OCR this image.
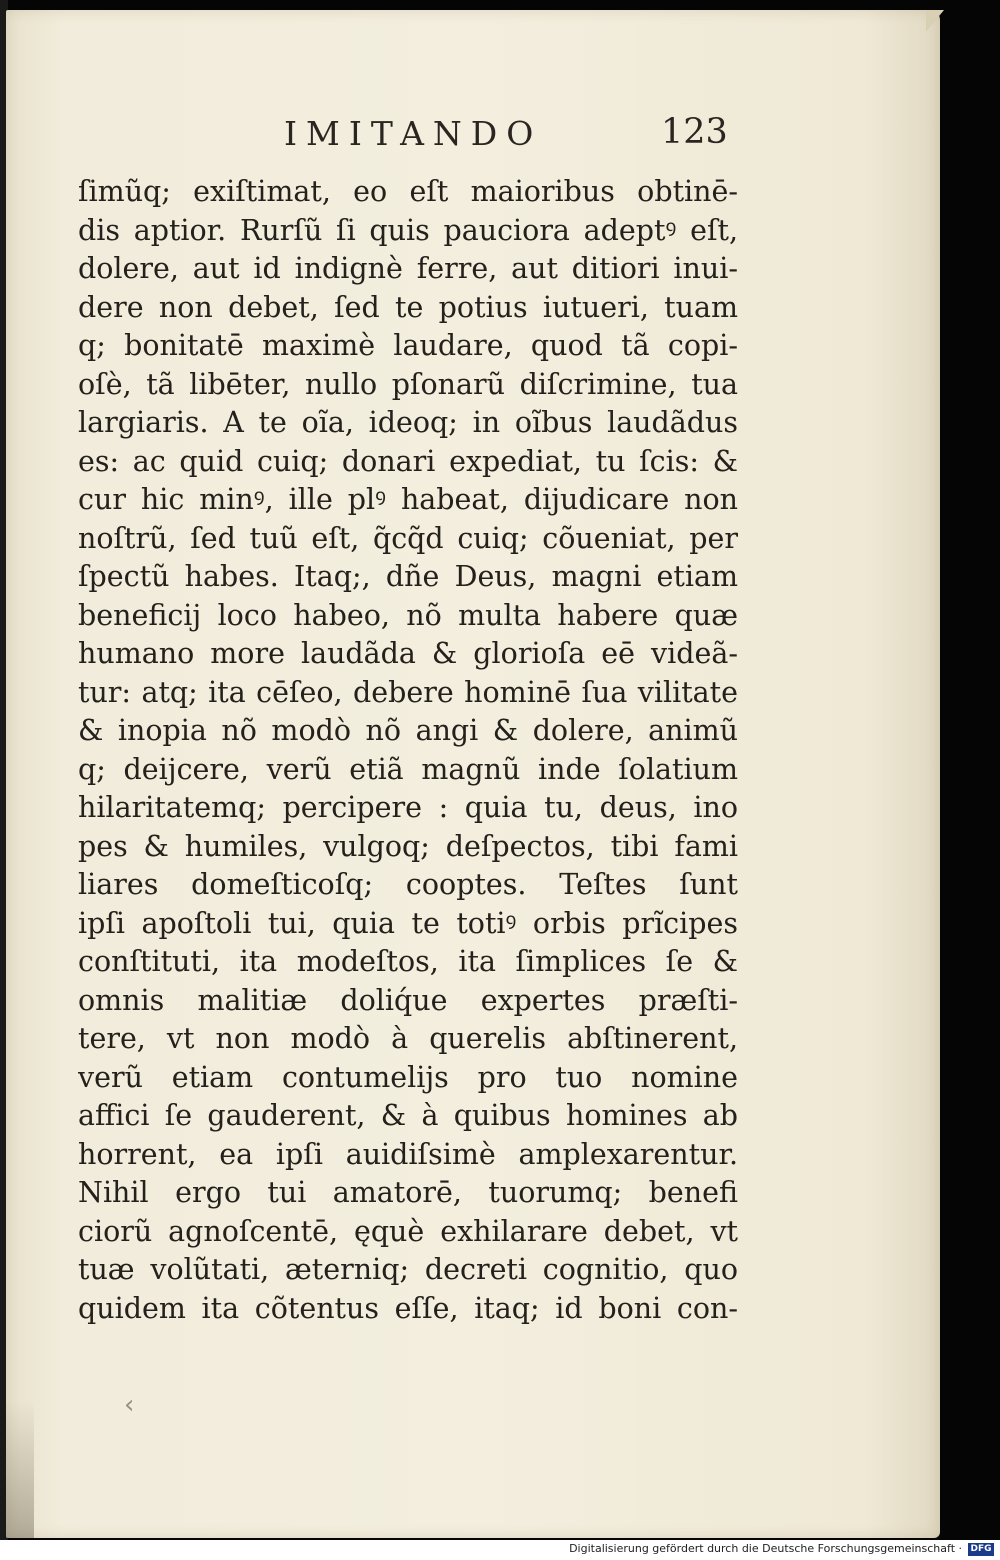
IMITANDO	123
ſimũq; exiſtimat, eo eſt maioribus obtinē-
dis aptior. Rurſũ ſi quis pauciora adeptꝰ eſt,
dolere, aut id indignè ferre, aut ditiori inui-
dere non debet, ſed te potius iutueri, tuam
q; bonitatē maximè laudare, quod tã copi-
oſè, tã libēter, nullo pſonarũ diſcrimine, tua
largiaris. A te oĩa, ideoq; in oĩbus laudãdus
es: ac quid cuiq; donari expediat, tu ſcis: &
cur hic minꝰ, ille plꝰ habeat, dijudicare non
noſtrũ, ſed tuũ eſt, q̃cq̃d cuiq; cõueniat, per
ſpectũ habes. Itaq;, dñe Deus, magni etiam
beneficij loco habeo, nõ multa habere quæ
humano more laudãda & glorioſa eē videã-
tur: atq; ita cēſeo, debere hominē ſua vilitate
& inopia nõ modò nõ angi & dolere, animũ
q; deijcere, verũ etiã magnũ inde ſolatium
hilaritatemq; percipere : quia tu, deus, ino
pes & humiles, vulgoq; deſpectos, tibi fami
liares domeſticoſq; cooptes. Teſtes ſunt
ipſi apoſtoli tui, quia te totiꝰ orbis prĩcipes
conſtituti, ita modeſtos, ita ſimplices ſe &
omnis malitiæ doliq́ue expertes præſti-
tere, vt non modò à querelis abſtinerent,
verũ etiam contumelijs pro tuo nomine
affici ſe gauderent, & à quibus homines ab
horrent, ea ipſi auidiſsimè amplexarentur.
Nihil ergo tui amatorē, tuorumq; benefi
ciorũ agnoſcentē, ęquè exhilarare debet, vt
tuæ volũtati, æterniq; decreti cognitio, quo
quidem ita cõtentus eſſe, itaq; id boni con-
‹
Digitalisierung gefördert durch die Deutsche Forschungsgemeinschaft · DFG
